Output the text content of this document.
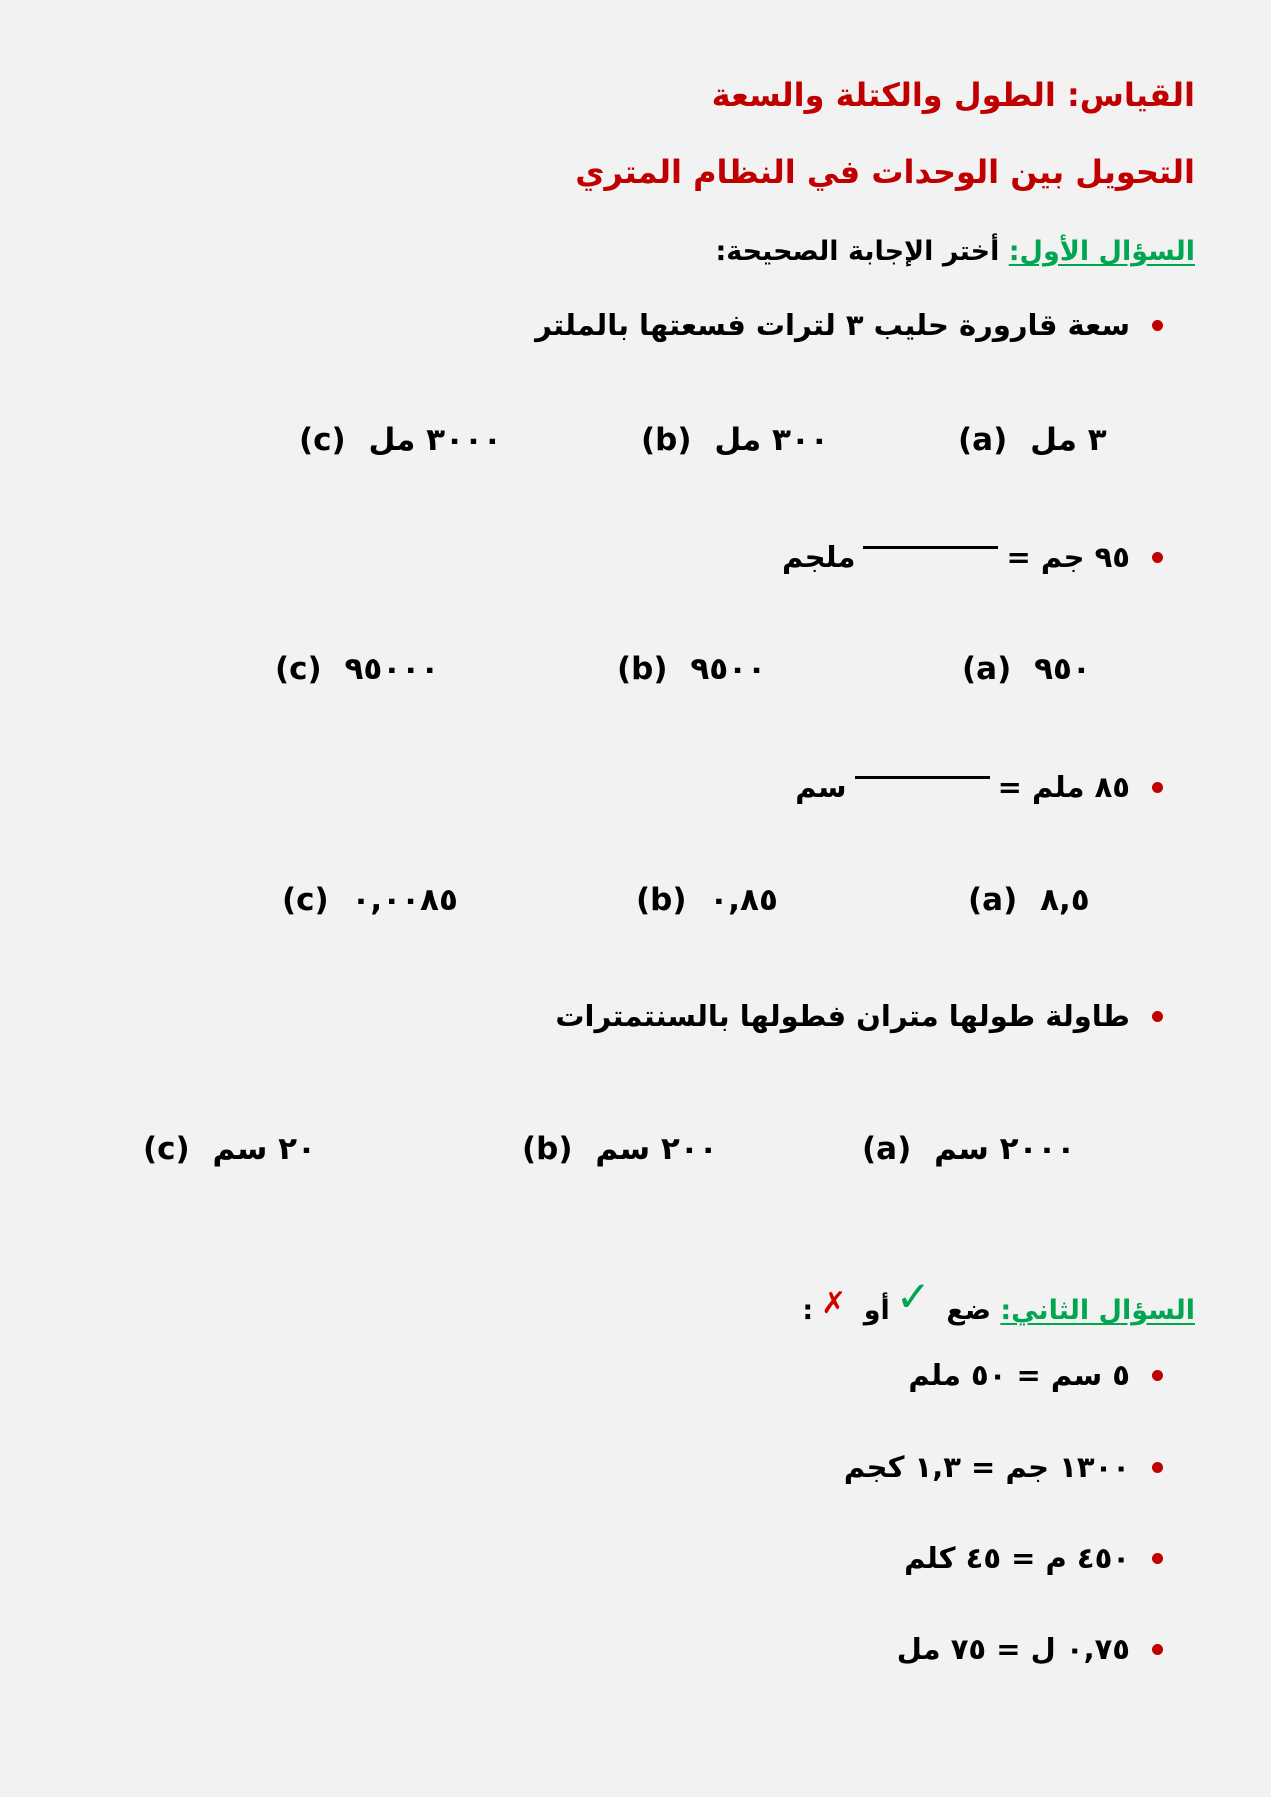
القياس: الطول والكتلة والسعة
التحويل بين الوحدات في النظام المتري
السؤال الأول: أختر الإجابة الصحيحة:
سعة قارورة حليب ٣ لترات فسعتها بالملتر
(a) ٣ مل
(b) ٣٠٠ مل
(c) ٣٠٠٠ مل
٩٥ جم =
ملجم
(a) ٩٥٠
(b) ٩٥٠٠
(c) ٩٥٠٠٠
٨٥ ملم =
سم
(a) ٨,٥
(b) ٠,٨٥
(c) ٠,٠٠٨٥
طاولة طولها متران فطولها بالسنتمترات
(a) ٢٠٠٠ سم
(b) ٢٠٠ سم
(c) ٢٠ سم
السؤال الثاني: ضع ✓أو ✗:
٥ سم = ٥٠ ملم
١٣٠٠ جم = ١,٣ كجم
٤٥٠ م = ٤٥ كلم
٠,٧٥ ل = ٧٥ مل
